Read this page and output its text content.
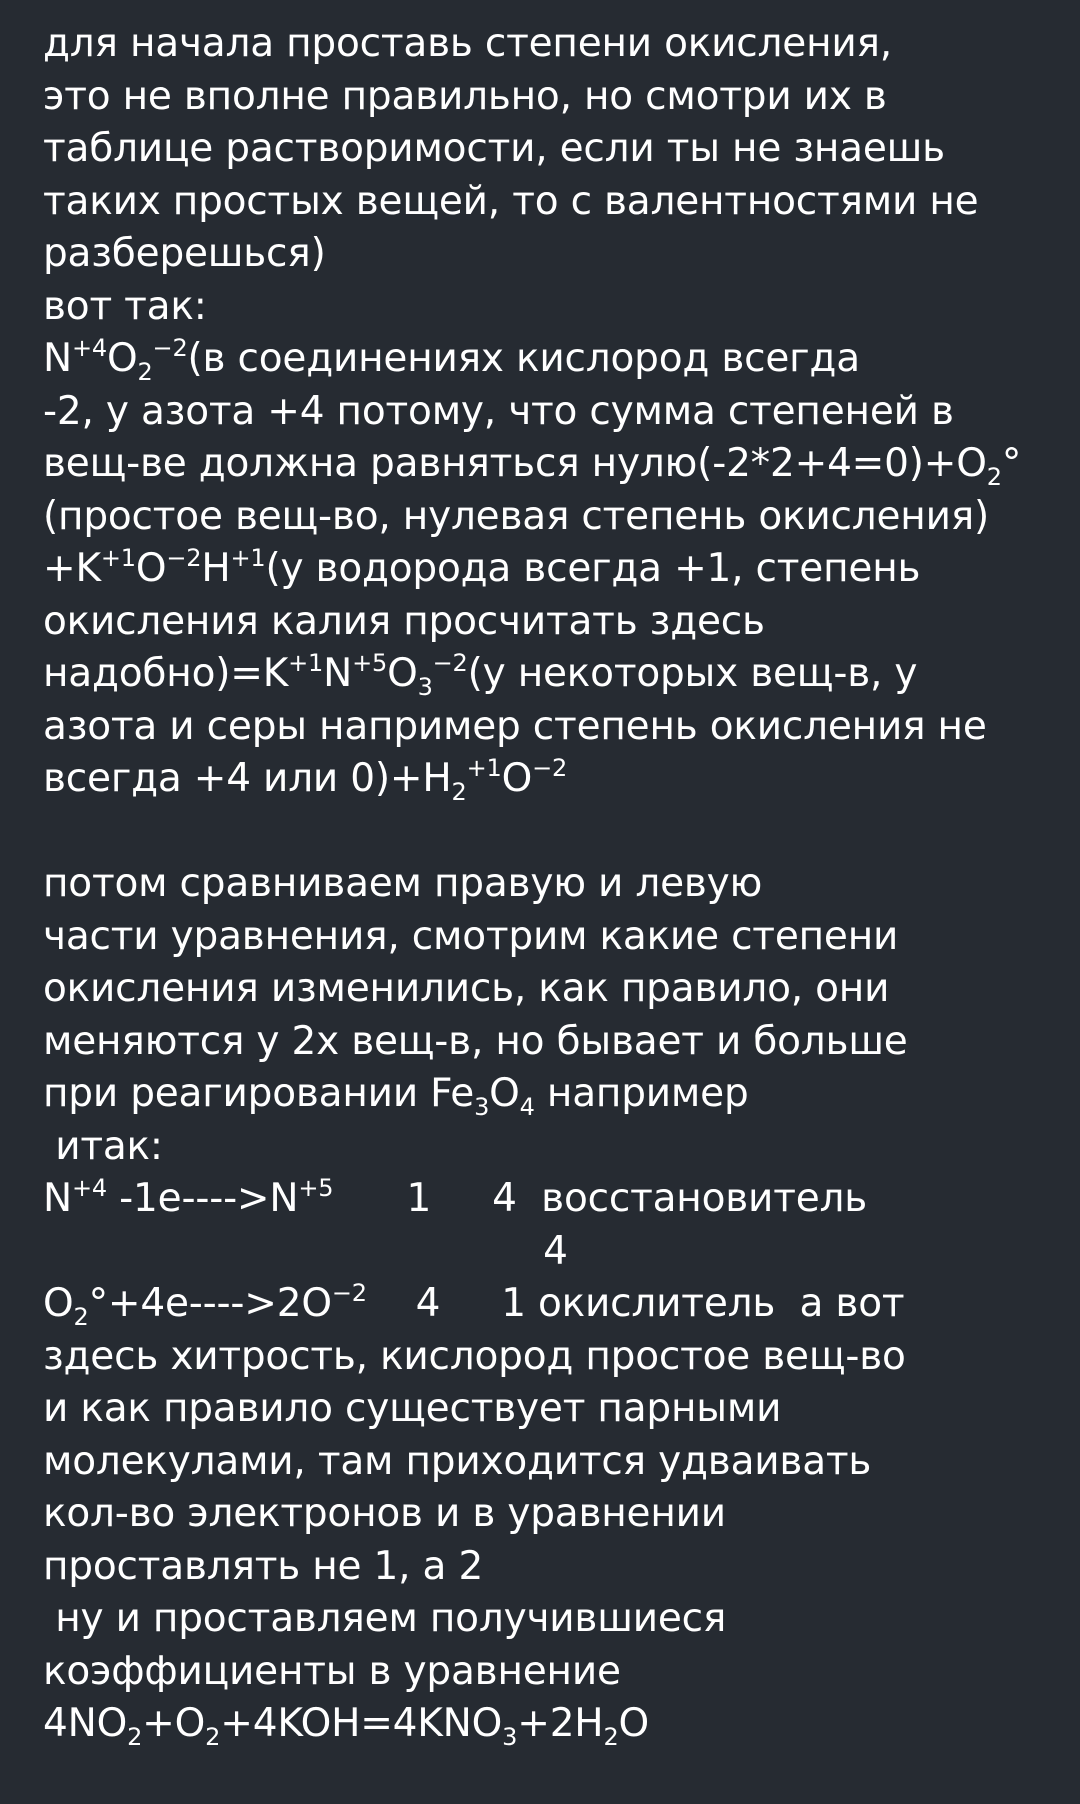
для начала проставь степени окисления,
это не вполне правильно, но смотри их в
таблице растворимости, если ты не знаешь
таких простых вещей, то с валентностями не
разберешься)
вот так:
$N^{+4}O_2^{-2}(в$ соединениях кислород всегда
-2, у азота +4 потому, что сумма степеней в
вещ-ве должна равняться $нулю(-2*2+4=0)+O_2^\circ$
(простое вещ-во, нулевая степень окисления)
$+K^{+1}O^{-2}H^{+1}(у$ водорода всегда +1, степень
окисления калия просчитать здесь
$надобно)=K^{+1}N^{+5}O_3^{-2}(у$ некоторых вещ-в, у
азота и серы например степень окисления не
всегда +4 или $0)+H_2^{+1}O^{-2}$
потом сравниваем правую и левую
части уравнения, смотрим какие степени
окисления изменились, как правило, они
меняются у 2х вещ-в, но бывает и больше
при реагировании $Fe_3O_4$ например
итак:
$N^{+4}$ $-1e---->N^{+5}$      1     4  восстановитель
4
$O_2^\circ+4e---->2O^{-2}$    4     1 окислитель  а вот
здесь хитрость, кислород простое вещ-во
и как правило существует парными
молекулами, там приходится удваивать
кол-во электронов и в уравнении
проставлять не 1, а 2
ну и проставляем получившиеся
коэффициенты в уравнение
$4NO_2+O_2+4KOH=4KNO_3+2H_2O$
